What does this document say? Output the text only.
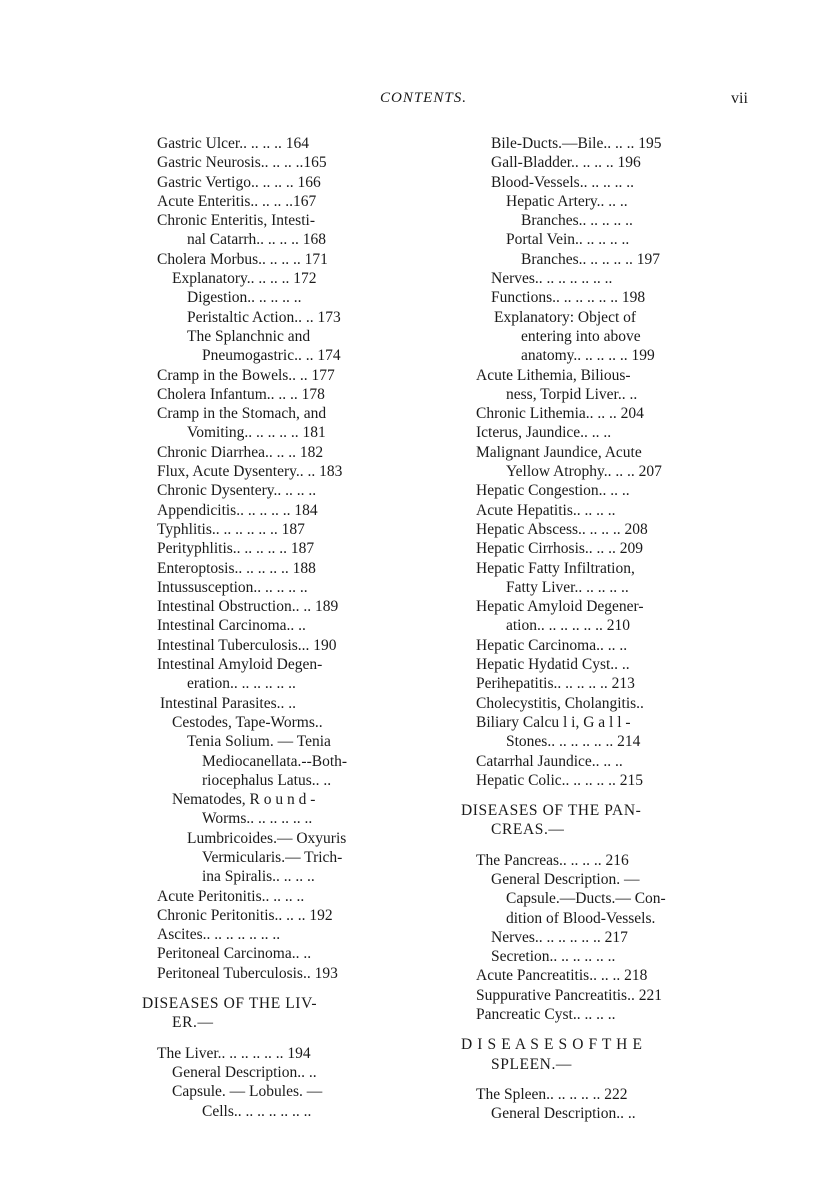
CONTENTS.	vii
Gastric Ulcer.. .. .. .. 164
Gastric Neurosis.. .. .. ..165
Gastric Vertigo.. .. .. .. 166
Acute Enteritis.. .. .. ..167
Chronic Enteritis, Intesti-
nal Catarrh.. .. .. .. 168
Cholera Morbus.. .. .. .. 171
Explanatory.. .. .. .. 172
Digestion.. .. .. .. ..
Peristaltic Action.. .. 173
The Splanchnic and
Pneumogastric.. .. 174
Cramp in the Bowels.. .. 177
Cholera Infantum.. .. .. 178
Cramp in the Stomach, and
Vomiting.. .. .. .. .. 181
Chronic Diarrhea.. .. .. 182
Flux, Acute Dysentery.. .. 183
Chronic Dysentery.. .. .. ..
Appendicitis.. .. .. .. .. 184
Typhlitis.. .. .. .. .. .. 187
Perityphlitis.. .. .. .. .. 187
Enteroptosis.. .. .. .. .. 188
Intussusception.. .. .. .. ..
Intestinal Obstruction.. .. 189
Intestinal Carcinoma.. ..
Intestinal Tuberculosis... 190
Intestinal Amyloid Degen-
eration.. .. .. .. .. ..
Intestinal Parasites.. ..
Cestodes, Tape-Worms..
Tenia Solium. — Tenia
Mediocanellata.--Both-
riocephalus Latus.. ..
Nematodes, R o u n d -
Worms.. .. .. .. .. ..
Lumbricoides.— Oxyuris
Vermicularis.— Trich-
ina Spiralis.. .. .. ..
Acute Peritonitis.. .. .. ..
Chronic Peritonitis.. .. .. 192
Ascites.. .. .. .. .. .. ..
Peritoneal Carcinoma.. ..
Peritoneal Tuberculosis.. 193
DISEASES OF THE LIV-
ER.—
The Liver.. .. .. .. .. .. 194
General Description.. ..
Capsule. — Lobules. —
Cells.. .. .. .. .. .. ..
Bile-Ducts.—Bile.. .. .. 195
Gall-Bladder.. .. .. .. 196
Blood-Vessels.. .. .. .. ..
Hepatic Artery.. .. ..
Branches.. .. .. .. ..
Portal Vein.. .. .. .. ..
Branches.. .. .. .. .. 197
Nerves.. .. .. .. .. .. ..
Functions.. .. .. .. .. .. 198
Explanatory: Object of
entering into above
anatomy.. .. .. .. .. 199
Acute Lithemia, Bilious-
ness, Torpid Liver.. ..
Chronic Lithemia.. .. .. 204
Icterus, Jaundice.. .. ..
Malignant Jaundice, Acute
Yellow Atrophy.. .. .. 207
Hepatic Congestion.. .. ..
Acute Hepatitis.. .. .. ..
Hepatic Abscess.. .. .. .. 208
Hepatic Cirrhosis.. .. .. 209
Hepatic Fatty Infiltration,
Fatty Liver.. .. .. .. ..
Hepatic Amyloid Degener-
ation.. .. .. .. .. .. 210
Hepatic Carcinoma.. .. ..
Hepatic Hydatid Cyst.. ..
Perihepatitis.. .. .. .. .. 213
Cholecystitis, Cholangitis..
Biliary Calcu l i, G a l l -
Stones.. .. .. .. .. .. 214
Catarrhal Jaundice.. .. ..
Hepatic Colic.. .. .. .. .. 215
DISEASES OF THE PAN-
CREAS.—
The Pancreas.. .. .. .. 216
General Description. —
Capsule.—Ducts.— Con-
dition of Blood-Vessels.
Nerves.. .. .. .. .. .. 217
Secretion.. .. .. .. .. ..
Acute Pancreatitis.. .. .. 218
Suppurative Pancreatitis.. 221
Pancreatic Cyst.. .. .. ..
D I S E A S E S O F T H E
SPLEEN.—
The Spleen.. .. .. .. .. 222
General Description.. ..
